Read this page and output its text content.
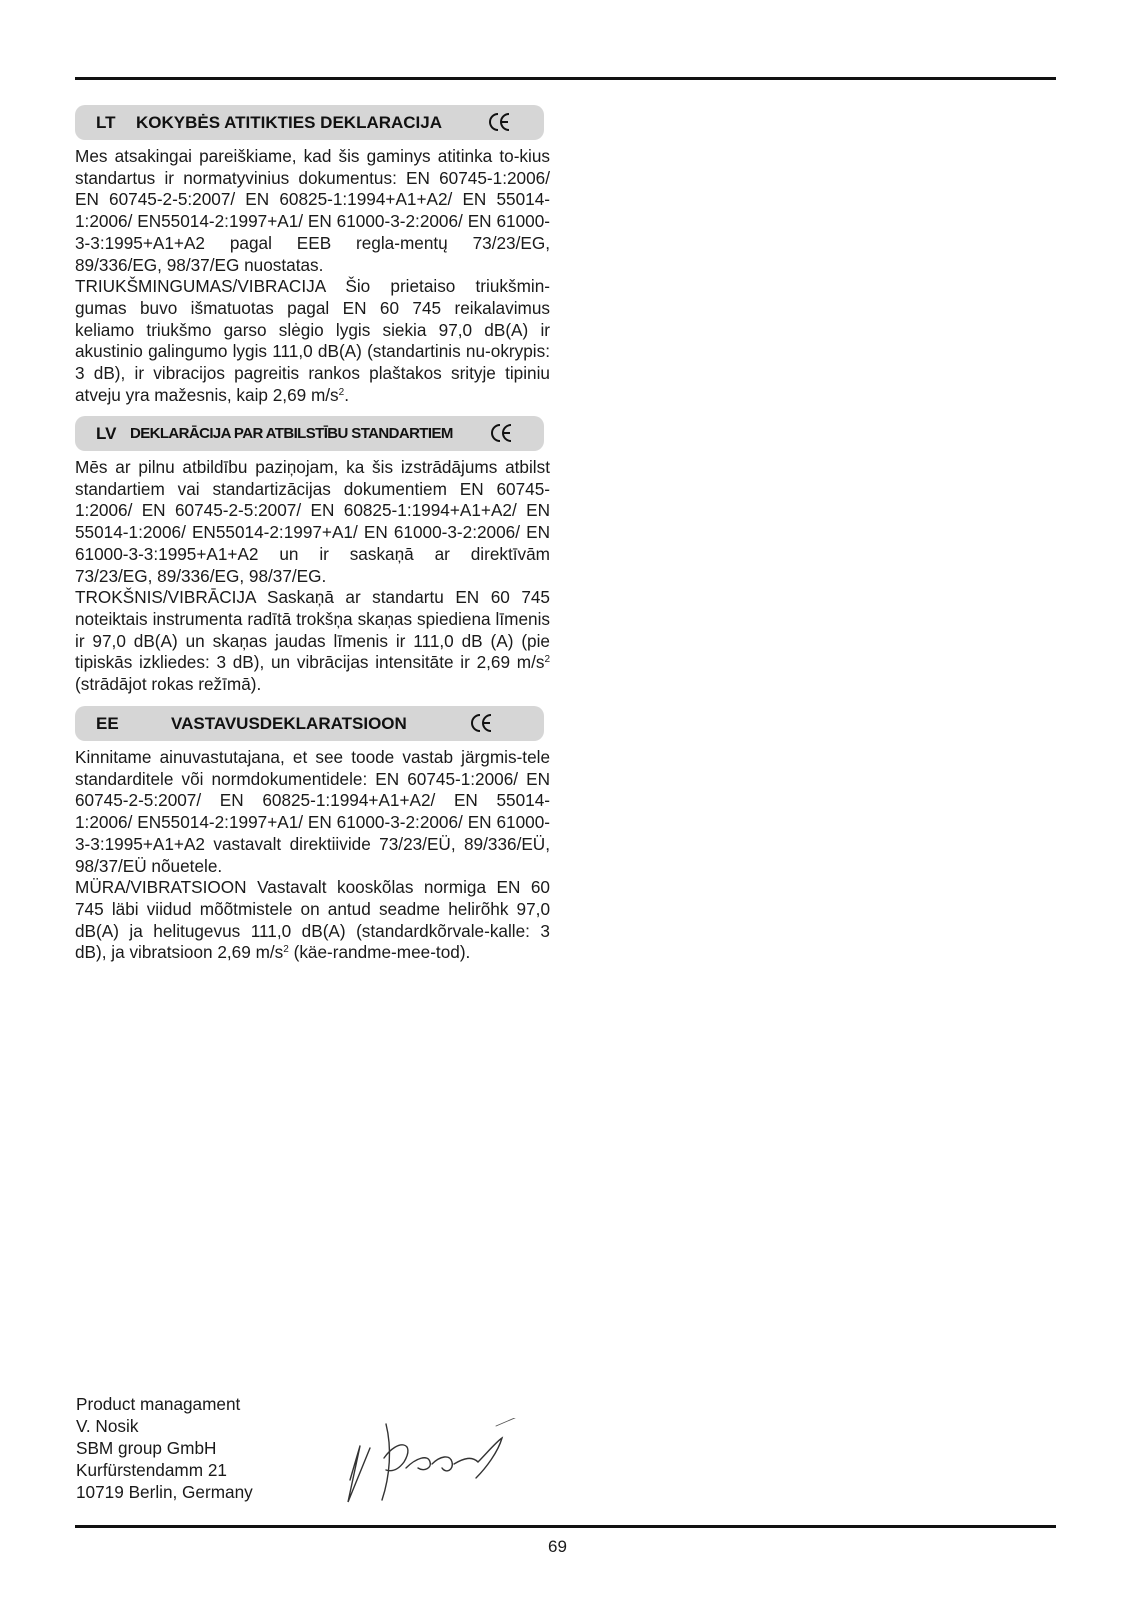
LT KOKYBĖS ATITIKTIES DEKLARACIJA

Mes atsakingai pareiškiame, kad šis gaminys atitinka to-kius standartus ir normatyvinius dokumentus: EN 60745-1:2006/ EN 60745-2-5:2007/ EN 60825-1:1994+A1+A2/ EN 55014-1:2006/ EN55014-2:1997+A1/ EN 61000-3-2:2006/ EN 61000-3-3:1995+A1+A2 pagal EEB regla-mentų 73/23/EG, 89/336/EG, 98/37/EG nuostatas.

TRIUKŠMINGUMAS/VIBRACIJA Šio prietaiso triukšmin-gumas buvo išmatuotas pagal EN 60 745 reikalavimus keliamo triukšmo garso slėgio lygis siekia 97,0 dB(A) ir akustinio galingumo lygis 111,0 dB(A) (standartinis nu-okrypis: 3 dB), ir vibracijos pagreitis rankos plaštakos srityje tipiniu atveju yra mažesnis, kaip 2,69 $m/s^2$.

LV DEKLARĀCIJA PAR ATBILSTĪBU STANDARTIEM

Mēs ar pilnu atbildību paziņojam, ka šis izstrādājums atbilst standartiem vai standartizācijas dokumentiem EN 60745-1:2006/ EN 60745-2-5:2007/ EN 60825-1:1994+A1+A2/ EN 55014-1:2006/ EN55014-2:1997+A1/ EN 61000-3-2:2006/ EN 61000-3-3:1995+A1+A2 un ir saskaņā ar direktīvām 73/23/EG, 89/336/EG, 98/37/EG.

TROKŠNIS/VIBRĀCIJA Saskaņā ar standartu EN 60 745 noteiktais instrumenta radītā trokšņa skaņas spiediena līmenis ir 97,0 dB(A) un skaņas jaudas līmenis ir 111,0 dB (A) (pie tipiskās izkliedes: 3 dB), un vibrācijas intensitāte ir 2,69 $m/s^2$ (strādājot rokas režīmā).

EE	VASTAVUSDEKLARATSIOON

Kinnitame ainuvastutajana, et see toode vastab järgmis-tele standarditele või normdokumentidele: EN 60745-1:2006/ EN 60745-2-5:2007/ EN 60825-1:1994+A1+A2/ EN 55014-1:2006/ EN55014-2:1997+A1/ EN 61000-3-2:2006/ EN 61000-3-3:1995+A1+A2 vastavalt direktiivide 73/23/EÜ, 89/336/EÜ, 98/37/EÜ nõuetele.

MÜRA/VIBRATSIOON Vastavalt kooskõlas normiga EN 60 745 läbi viidud mõõtmistele on antud seadme helirõhk 97,0 dB(A) ja helitugevus 111,0 dB(A) (standardkõrvale-kalle: 3 dB), ja vibratsioon 2,69 $m/s^2$ (käe-randme-mee-tod).

Product managament
V. Nosik
SBM group GmbH
Kurfürstendamm 21
10719 Berlin, Germany
69
